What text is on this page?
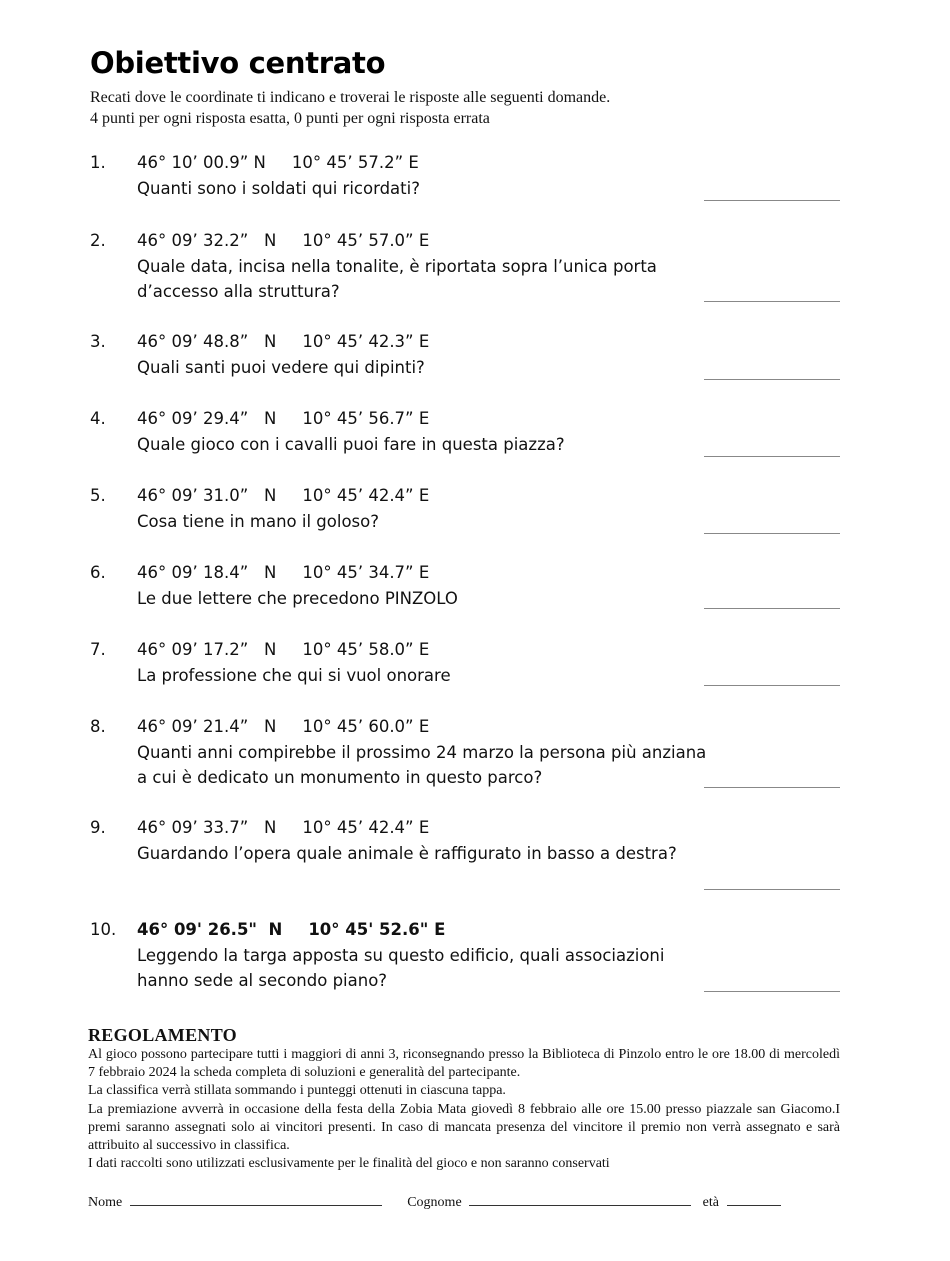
Obiettivo centrato
Recati dove le coordinate ti indicano e troverai le risposte alle seguenti domande.
4 punti per ogni risposta esatta, 0 punti per ogni risposta errata
1. 46° 10’ 00.9” N 10° 45’ 57.2” E
Quanti sono i soldati qui ricordati?
2. 46° 09’ 32.2”   N 10° 45’ 57.0” E
Quale data, incisa nella tonalite, è riportata sopra l’unica porta d’accesso alla struttura?
3. 46° 09’ 48.8”   N 10° 45’ 42.3” E
Quali santi puoi vedere qui dipinti?
4. 46° 09’ 29.4”   N 10° 45’ 56.7” E
Quale gioco con i cavalli puoi fare in questa piazza?
5. 46° 09’ 31.0”   N 10° 45’ 42.4” E
Cosa tiene in mano il goloso?
6. 46° 09’ 18.4”   N 10° 45’ 34.7” E
Le due lettere che precedono PINZOLO
7. 46° 09’ 17.2”   N 10° 45’ 58.0” E
La professione che qui si vuol onorare
8. 46° 09’ 21.4”   N 10° 45’ 60.0” E
Quanti anni compirebbe il prossimo 24 marzo la persona più anziana a cui è dedicato un monumento in questo parco?
9. 46° 09’ 33.7”   N 10° 45’ 42.4” E
Guardando l’opera quale animale è raffigurato in basso a destra?
10. 46° 09' 26.5"  N 10° 45' 52.6" E
Leggendo la targa apposta su questo edificio, quali associazioni hanno sede al secondo piano?
REGOLAMENTO

Al gioco possono partecipare tutti i maggiori di anni 3, riconsegnando presso la Biblioteca di Pinzolo entro le ore 18.00 di mercoledì 7 febbraio 2024 la scheda completa di soluzioni e generalità del partecipante.

La classifica verrà stillata sommando i punteggi ottenuti in ciascuna tappa.

La premiazione avverrà in occasione della festa della Zobia Mata giovedì 8 febbraio alle ore 15.00 presso piazzale san Giacomo.I premi saranno assegnati solo ai vincitori presenti. In caso di mancata presenza del vincitore il premio non verrà assegnato e sarà attribuito al successivo in classifica.

I dati raccolti sono utilizzati esclusivamente per le finalità del gioco e non saranno conservati

Nome	Cognome	età
